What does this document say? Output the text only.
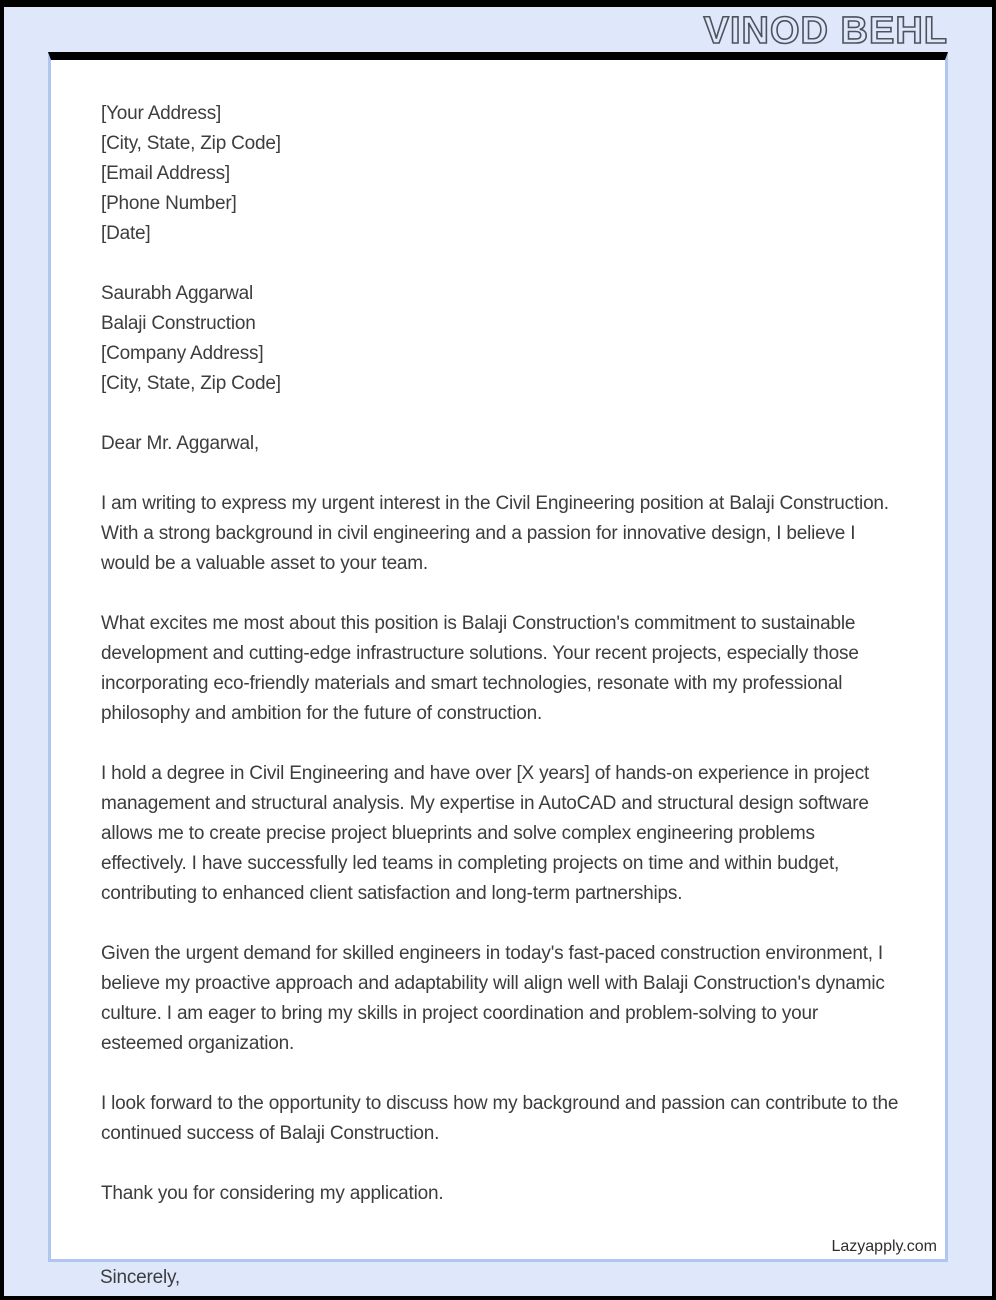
VINOD BEHL
[Your Address]
[City, State, Zip Code]
[Email Address]
[Phone Number]
[Date]
Saurabh Aggarwal
Balaji Construction
[Company Address]
[City, State, Zip Code]

Dear Mr. Aggarwal,

I am writing to express my urgent interest in the Civil Engineering position at Balaji Construction. With a strong background in civil engineering and a passion for innovative design, I believe I would be a valuable asset to your team.

What excites me most about this position is Balaji Construction's commitment to sustainable development and cutting-edge infrastructure solutions. Your recent projects, especially those incorporating eco-friendly materials and smart technologies, resonate with my professional philosophy and ambition for the future of construction.

I hold a degree in Civil Engineering and have over [X years] of hands-on experience in project management and structural analysis. My expertise in AutoCAD and structural design software allows me to create precise project blueprints and solve complex engineering problems effectively. I have successfully led teams in completing projects on time and within budget, contributing to enhanced client satisfaction and long-term partnerships.

Given the urgent demand for skilled engineers in today's fast-paced construction environment, I believe my proactive approach and adaptability will align well with Balaji Construction's dynamic culture. I am eager to bring my skills in project coordination and problem-solving to your esteemed organization.

I look forward to the opportunity to discuss how my background and passion can contribute to the continued success of Balaji Construction.

Thank you for considering my application.

Lazyapply.com
Sincerely,
